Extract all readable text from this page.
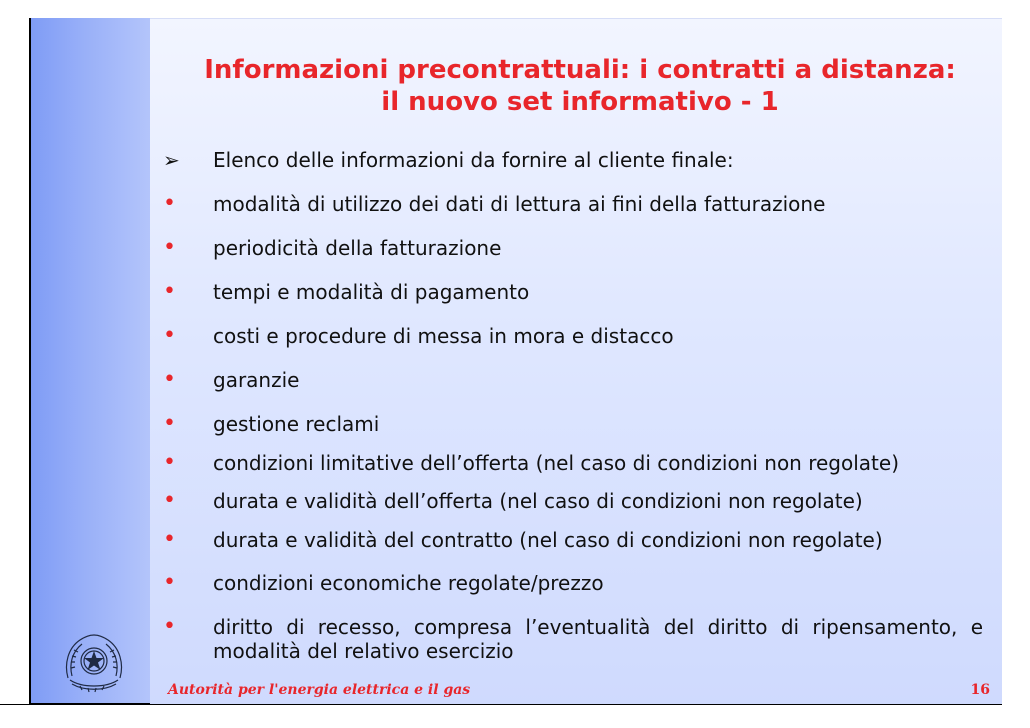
Informazioni precontrattuali: i contratti a distanza:
il nuovo set informativo - 1
➢	Elenco delle informazioni da fornire al cliente finale:
•	modalità di utilizzo dei dati di lettura ai fini della fatturazione
•	periodicità della fatturazione
•	tempi e modalità di pagamento
•	costi e procedure di messa in mora e distacco
•	garanzie
•	gestione reclami
•	condizioni limitative dell’offerta (nel caso di condizioni non regolate)
•	durata e validità dell’offerta (nel caso di condizioni non regolate)
•	durata e validità del contratto (nel caso di condizioni non regolate)
•	condizioni economiche regolate/prezzo
•	diritto di recesso, compresa l’eventualità del diritto di ripensamento, e modalità del relativo esercizio
Autorità per l'energia elettrica e il gas	16
